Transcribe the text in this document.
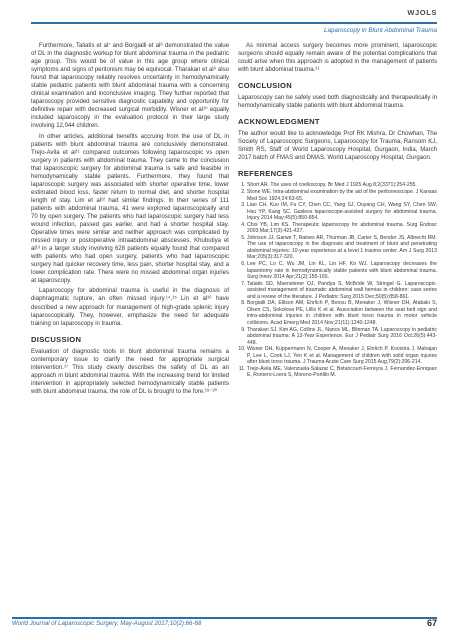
WJOLS
Laparoscopy in Blunt Abdominal Trauma

Furthermore, Taliatis et al⁷ and Borgialli et al⁸ demonstrated the value of DL in the diagnostic workup for blunt abdominal trauma in the pediatric age group. This would be of value in this age group where clinical symptoms and signs of peritonism may be equivocal. Tharakan et al⁹ also found that laparoscopy reliably resolves uncertainty in hemodynamically stable pediatric patients with blunt abdominal trauma with a concerning clinical examination and inconclusive imaging. They further reported that laparoscopy provided sensitive diagnostic capability and opportunity for definitive repair with decreased surgical morbidity. Wisner et al¹⁰ equally included laparoscopy in the evaluation protocol in their large study involving 12,044 children.

In other articles, additional benefits accruing from the use of DL in patients with blunt abdominal trauma are conclusively demonstrated. Trejo-Avila et al¹¹ compared outcomes following laparoscopic vs open surgery in patients with abdominal trauma. They came to the conclusion that laparoscopic surgery for abdominal trauma is safe and feasible in hemodynamically stable patients. Furthermore, they found that laparoscopic surgery was associated with shorter operative time, lower estimated blood loss, faster return to normal diet, and shorter hospital length of stay. Lim et al¹² had similar findings. In their series of 111 patients with abdominal trauma, 41 were explored laparoscopically and 70 by open surgery. The patients who had laparoscopic surgery had less wound infection, passed gas earlier, and had a shorter hospital stay. Operative times were similar and neither approach was complicated by missed injury or postoperative intraabdominal abscesses. Khubutiya et al¹³ in a larger study involving 628 patients equally found that compared with patients who had open surgery, patients who had laparoscopic surgery had quicker recovery time, less pain, shorter hospital stay, and a lower complication rate. There were no missed abdominal organ injuries at laparoscopy.

Laparoscopy for abdominal trauma is useful in the diagnosis of diaphragmatic rupture, an often missed injury.¹⁴,¹⁵ Lin et al¹⁶ have described a new approach for management of high-grade splenic injury laparoscopically. They, however, emphasize the need for adequate training on laparoscopy in trauma.

DISCUSSION

Evaluation of diagnostic tools in blunt abdominal trauma remains a contemporary issue to clarify the need for appropriate surgical intervention.¹⁷ This study clearly describes the safety of DL as an approach in blunt abdominal trauma. With the increasing trend for limited intervention in appropriately selected hemodynamically stable patients with blunt abdominal trauma, the role of DL is brought to the fore.¹⁸⁻²⁰

As minimal access surgery becomes more prominent, laparoscopic surgeons should equally remain aware of the potential complications that could arise when this approach is adopted in the management of patients with blunt abdominal trauma.²¹

CONCLUSION

Laparoscopy can be safely used both diagnostically and therapeutically in hemodynamically stable patients with blunt abdominal trauma.

ACKNOWLEDGMENT

The author would like to acknowledge Prof RK Mishra, Dr Chowhan, The Society of Laparoscopic Surgeons, Laparoscopy for Trauma, Ransom KJ, Smith RS, Staff of World Laparoscopy Hospital, Gurgaon, India, March 2017 batch of FMAS and DMAS, World Laparoscopy Hospital, Gurgaon.

REFERENCES
1. Short AR. The uses of coelioscopy. Br Med J 1925 Aug 8;2(3371):254-255.
2. Stone WE. Intra-abdominal examination by the aid of the peritoneoscope. J Kansas Med Soc 1924;24:63-65.
3. Liao CH, Kuo IM, Fu CY, Chen CC, Yang SJ, Ouyang CH, Wang SY, Chen SW, Hsu YP, Kang SC. Gasless laparoscope-assisted surgery for abdominal trauma. Injury 2014 May;45(5):850-854.
4. Choi YB, Lim KS. Therapeutic laparoscopy for abdominal trauma. Surg Endosc 2003 Mar;17(3):421-427.
5. Johnson JJ, Garwe T, Raines AR, Thurman JB, Carter S, Bender JS, Albrecht RM. The use of laparoscopy in the diagnosis and treatment of blunt and penetrating abdominal injuries: 10-year experience at a level 1 trauma center. Am J Surg 2013 Mar;205(3):317-320.
6. Lee PC, Lo C, Wu JM, Lin KL, Lin HF, Ko WJ. Laparoscopy decreases the laparotomy rate in hemodynamically stable patients with blunt abdominal trauma. Surg Innov 2014 Apr;21(2):155-165.
7. Taliatis SD, Maenstener OJ, Pandya S, McBride W, Stringel G. Laparoscopic-assisted management of traumatic abdominal wall hernias in children: case series and a review of the literature. J Pediatric Surg 2015 Dec;50(5):858-861.
8. Borgialli DA, Ellison AM, Ehrlich P, Bonsu B, Menaker J, Wisner DH, Atabaki S, Olsen CS, Sokolova PE, Lillis K et al. Association between the seat belt sign and intra-abdominal injuries in children with blunt torso trauma in motor vehicle collisions. Acad Emerg Med 2014 Nov;21(11):1240-1248.
9. Tharakan SJ, Kim AG, Collins JL, Nance ML, Blinman TA. Laparoscopy in pediatric abdominal trauma: A 13-Year Experience. Eur J Pediatr Surg 2016 Oct;26(5):443-448.
10. Wisner DH, Kuppermann N, Cooper A, Menaker J, Ehrlich P, Kooistra J, Mahajan P, Lee L, Cook LJ, Yen K et al. Management of children with solid organ injuries after blunt torso trauma. J Trauma Acute Care Surg 2015 Aug;79(2):206-214.
11. Trejo-Ávila ME, Valenzuela-Salazar C, Betancourt-Ferreyra J, Fernandez-Enriquez E, Romero-Loera S, Moreno-Portillo M.
World Journal of Laparoscopic Surgery, May-August 2017;10(2):66-68	67
